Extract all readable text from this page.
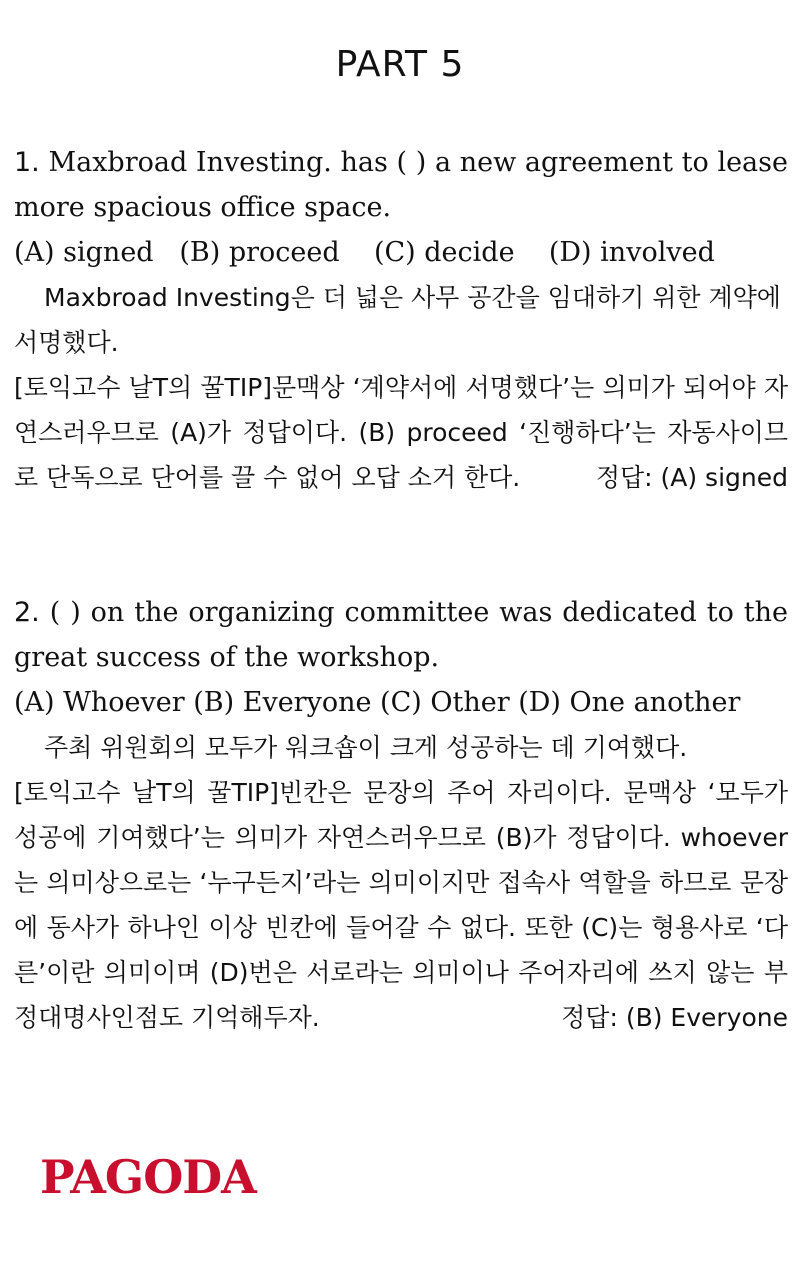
PART 5

1. Maxbroad Investing. has ( ) a new agreement to lease more spacious office space.

(A) signed   (B) proceed    (C) decide    (D) involved

Maxbroad Investing은 더 넓은 사무 공간을 임대하기 위한 계약에 서명했다.

[토익고수 날T의 꿀TIP]문맥상 ‘계약서에 서명했다’는 의미가 되어야 자연스러우므로 (A)가 정답이다. (B) proceed ‘진행하다’는 자동사이므로 단독으로 단어를 끌 수 없어 오답 소거 한다.	정답: (A) signed

2. ( ) on the organizing committee was dedicated to the great success of the workshop.

(A) Whoever (B) Everyone (C) Other (D) One another

주최 위원회의 모두가 워크숍이 크게 성공하는 데 기여했다.

[토익고수 날T의 꿀TIP]빈칸은 문장의 주어 자리이다. 문맥상 ‘모두가 성공에 기여했다’는 의미가 자연스러우므로 (B)가 정답이다. whoever는 의미상으로는 ‘누구든지’라는 의미이지만 접속사 역할을 하므로 문장에 동사가 하나인 이상 빈칸에 들어갈 수 없다. 또한 (C)는 형용사로 ‘다른’이란 의미이며 (D)번은 서로라는 의미이나 주어자리에 쓰지 않는 부정대명사인점도 기억해두자.	정답: (B) Everyone

PAGODA
